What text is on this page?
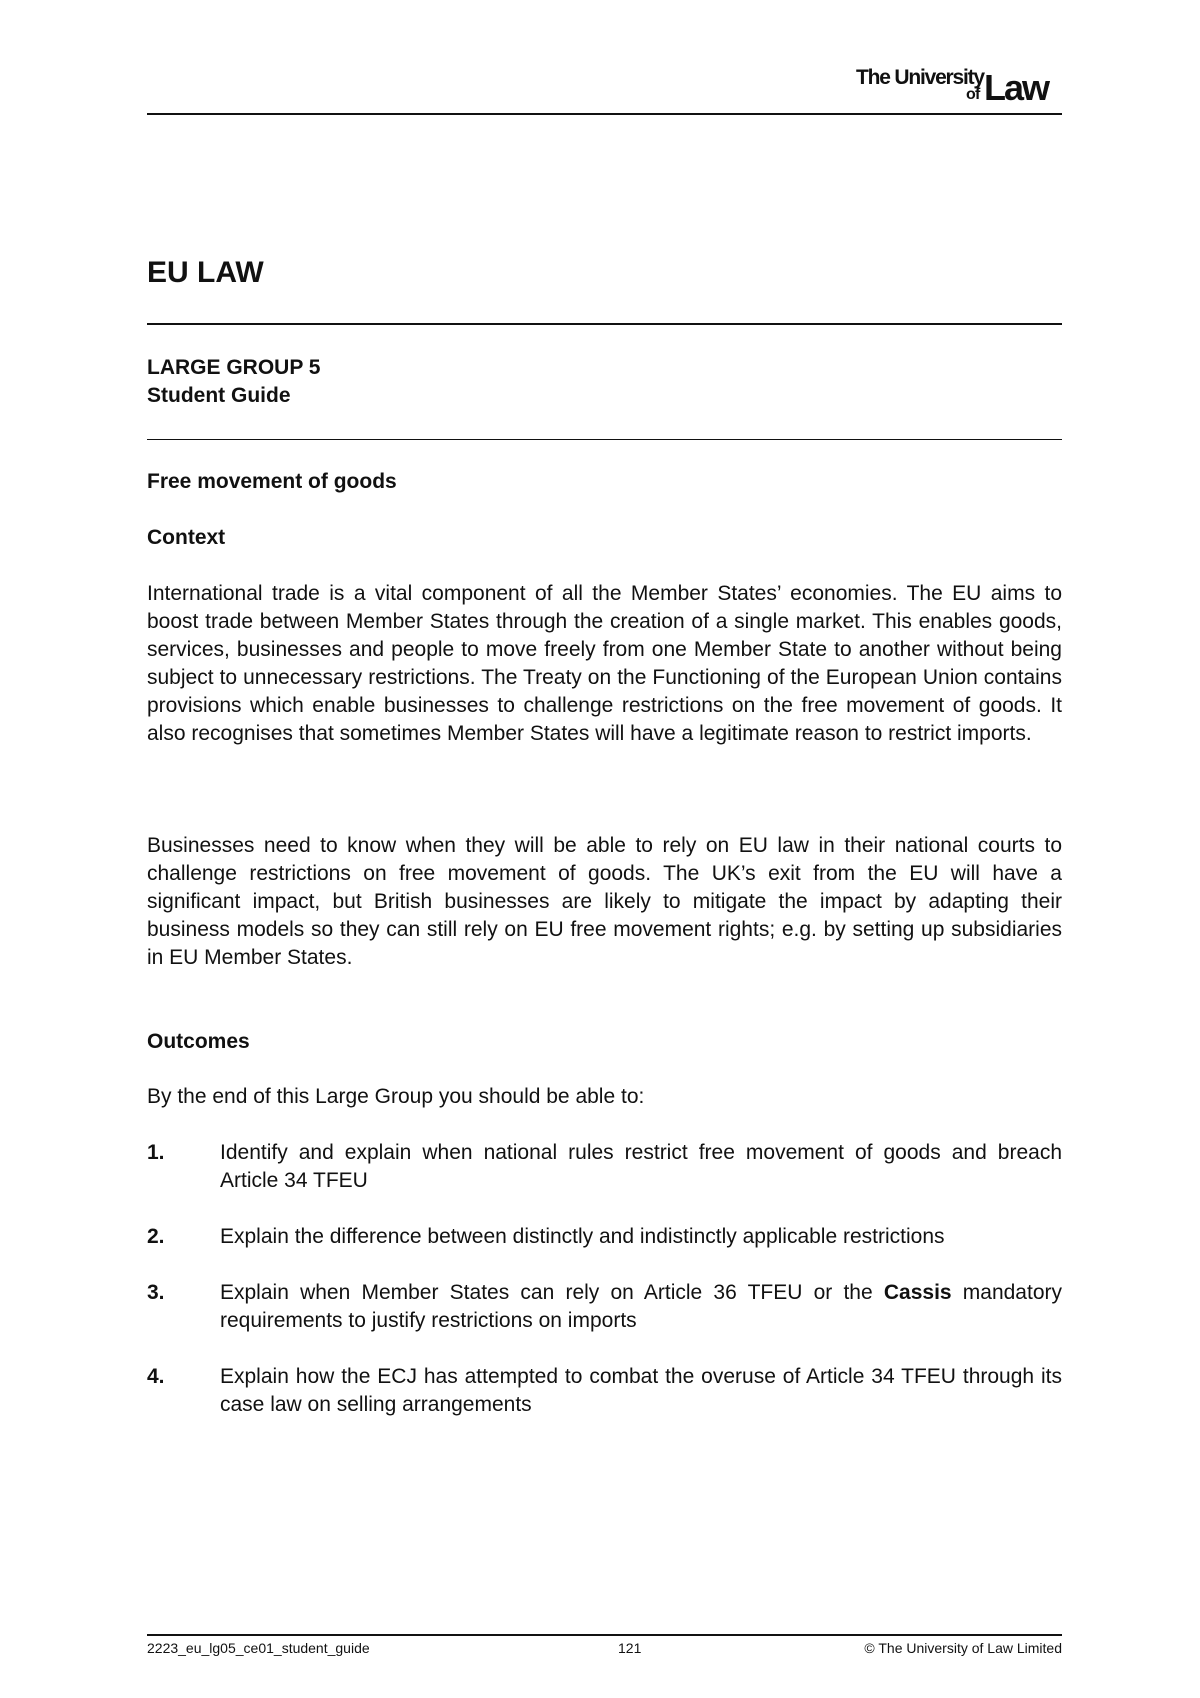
The University
of Law
EU LAW
LARGE GROUP 5
Student Guide
Free movement of goods
Context

International trade is a vital component of all the Member States’ economies. The EU aims to boost trade between Member States through the creation of a single market. This enables goods, services, businesses and people to move freely from one Member State to another without being subject to unnecessary restrictions. The Treaty on the Functioning of the European Union contains provisions which enable businesses to challenge restrictions on the free movement of goods. It also recognises that sometimes Member States will have a legitimate reason to restrict imports.

Businesses need to know when they will be able to rely on EU law in their national courts to challenge restrictions on free movement of goods. The UK’s exit from the EU will have a significant impact, but British businesses are likely to mitigate the impact by adapting their business models so they can still rely on EU free movement rights; e.g. by setting up subsidiaries in EU Member States.

Outcomes

By the end of this Large Group you should be able to:

1.	Identify and explain when national rules restrict free movement of goods and breach Article 34 TFEU
2.	Explain the difference between distinctly and indistinctly applicable restrictions
3.	Explain when Member States can rely on Article 36 TFEU or the Cassis mandatory requirements to justify restrictions on imports
4.	Explain how the ECJ has attempted to combat the overuse of Article 34 TFEU through its case law on selling arrangements
2223_eu_lg05_ce01_student_guide	121	© The University of Law Limited
